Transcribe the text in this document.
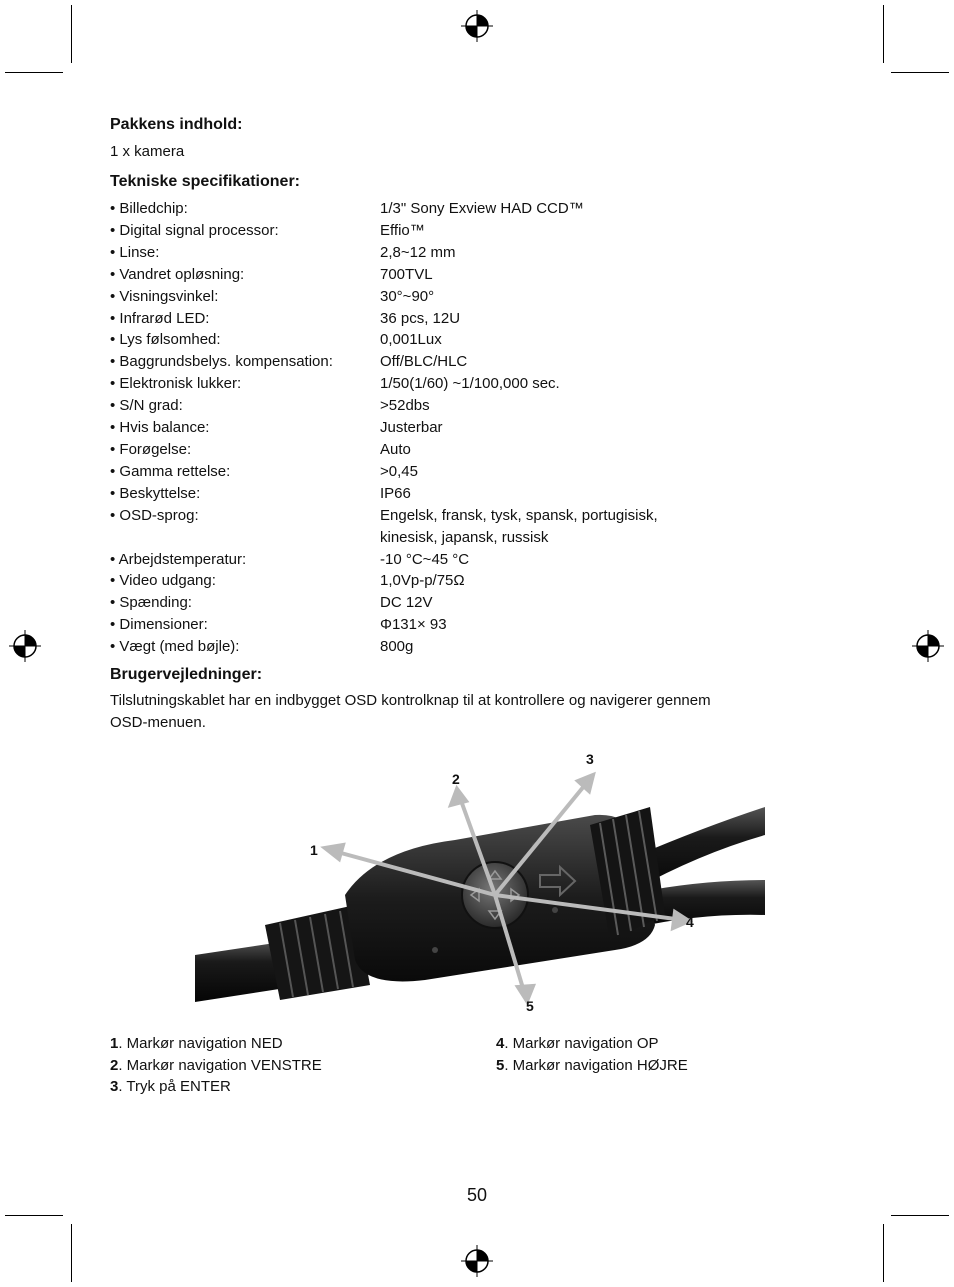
Pakkens indhold:
1 x kamera
Tekniske specifikationer:
• Billedchip:	1/3" Sony Exview HAD CCD™
• Digital signal processor:	Effio™
• Linse:	2,8~12 mm
• Vandret opløsning:	700TVL
• Visningsvinkel:	30°~90°
• Infrarød LED:	36 pcs, 12U
• Lys følsomhed:	0,001Lux
• Baggrundsbelys. kompensation:	Off/BLC/HLC
• Elektronisk lukker:	1/50(1/60) ~1/100,000 sec.
• S/N grad:	>52dbs
• Hvis balance:	Justerbar
• Forøgelse:	Auto
• Gamma rettelse:	>0,45
• Beskyttelse:	IP66
• OSD-sprog:	Engelsk, fransk, tysk, spansk, portugisisk,
kinesisk, japansk, russisk
• Arbejdstemperatur:	-10 °C~45 °C
• Video udgang:	1,0Vp-p/75Ω
• Spænding:	DC 12V
• Dimensioner:	Φ131× 93
• Vægt (med bøjle):	800g
Brugervejledninger:
Tilslutningskablet har en indbygget OSD kontrolknap til at kontrollere og navigerer gennem
OSD-menuen.
1
2
3
4
5
1. Markør navigation NED
2. Markør navigation VENSTRE
3. Tryk på ENTER
4. Markør navigation OP
5. Markør navigation HØJRE
50
